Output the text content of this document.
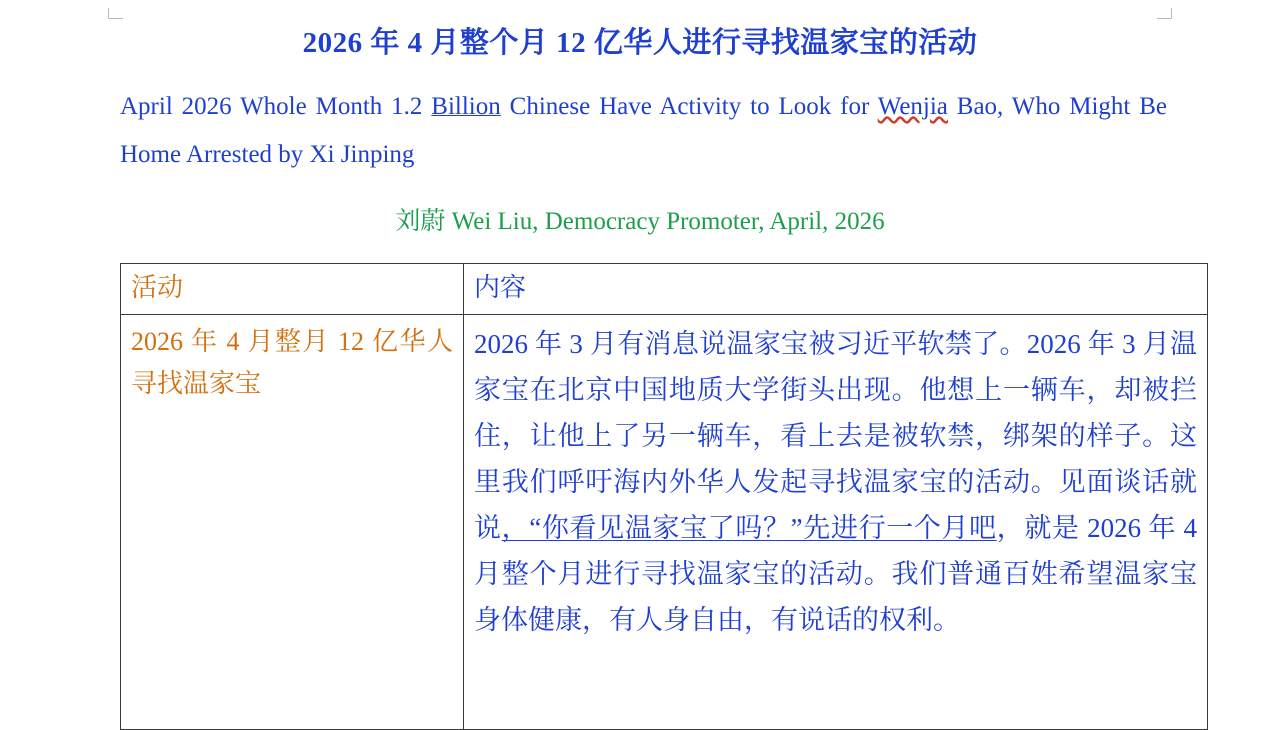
2026 年 4 月整个月 12 亿华人进行寻找温家宝的活动

April 2026 Whole Month 1.2 Billion Chinese Have Activity to Look for Wenjia Bao, Who Might Be Home Arrested by Xi Jinping

刘蔚 Wei Liu, Democracy Promoter, April, 2026

活动	内容

2026 年 4 月整月 12 亿华人寻找温家宝	2026 年 3 月有消息说温家宝被习近平软禁了。2026 年 3 月温家宝在北京中国地质大学街头出现。他想上一辆车，却被拦住，让他上了另一辆车，看上去是被软禁，绑架的样子。这里我们呼吁海内外华人发起寻找温家宝的活动。见面谈话就说，“你看见温家宝了吗？”先进行一个月吧，就是 2026 年 4 月整个月进行寻找温家宝的活动。我们普通百姓希望温家宝身体健康，有人身自由，有说话的权利。
